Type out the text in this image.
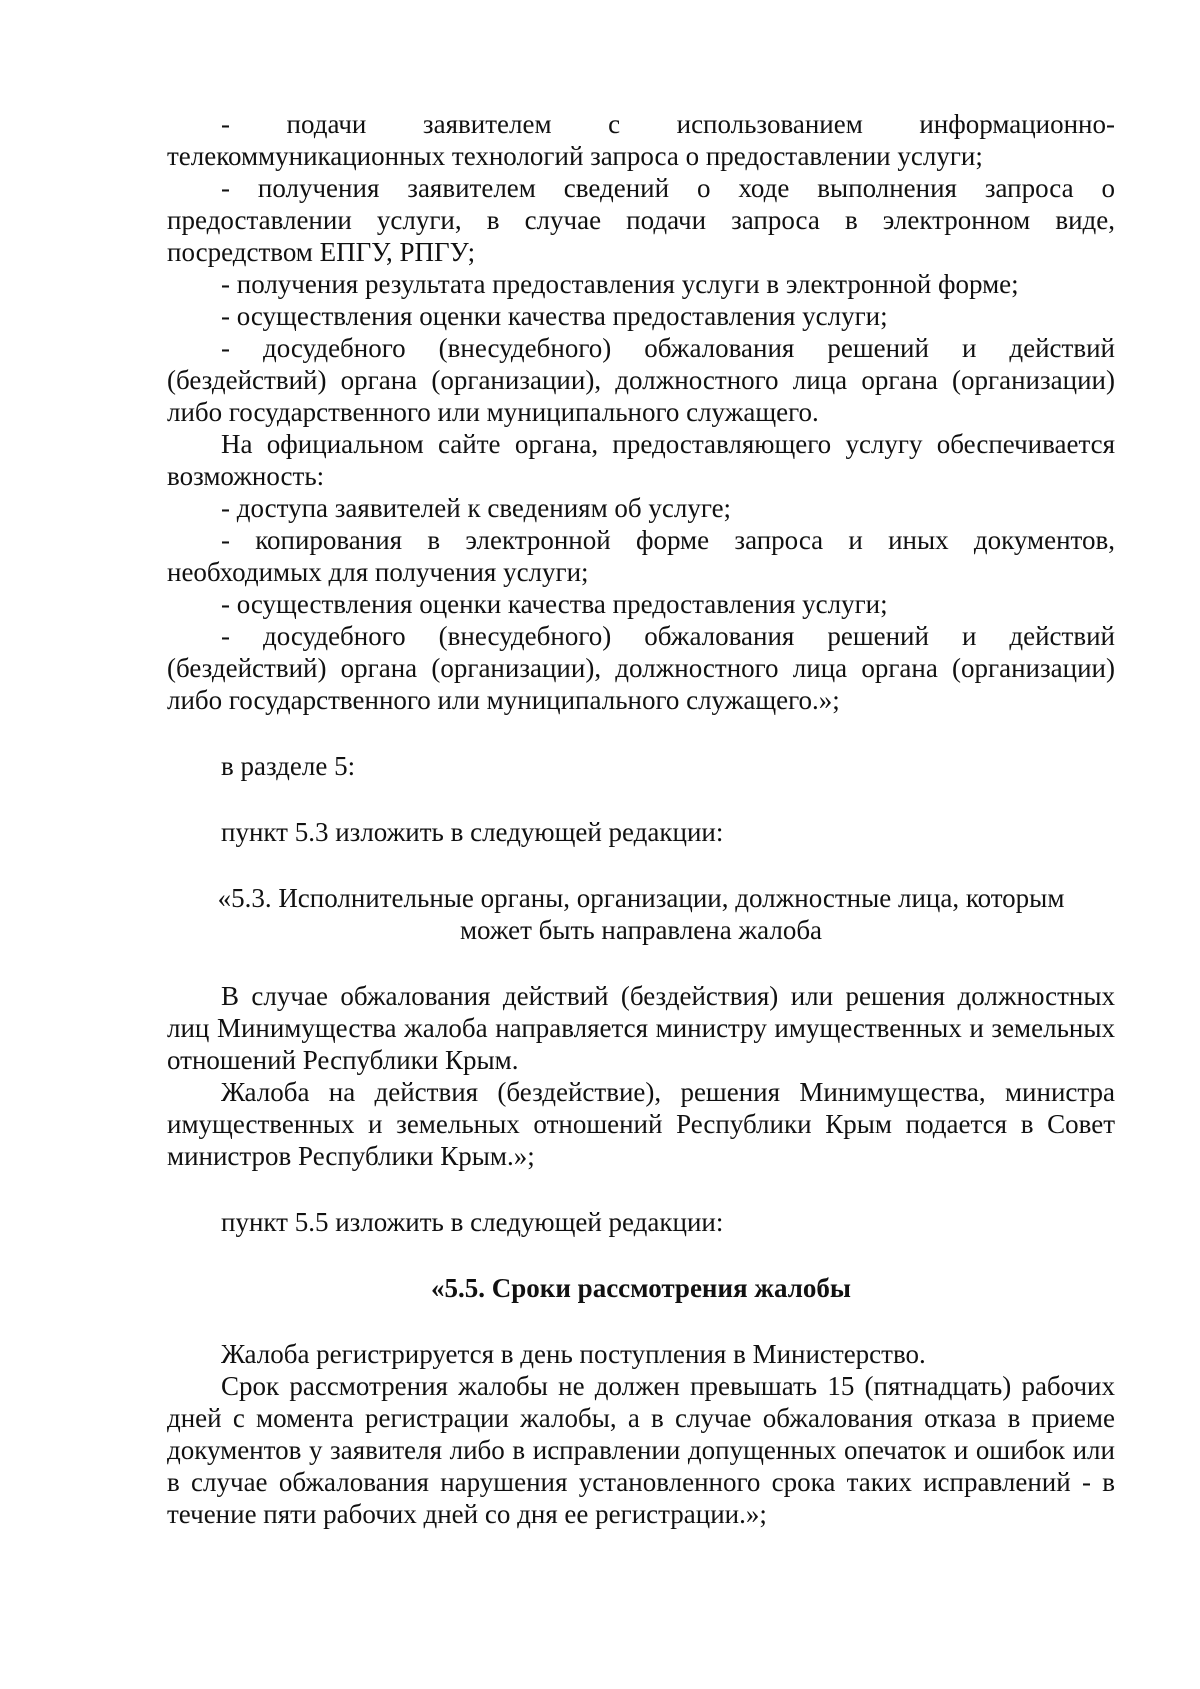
- подачи заявителем с использованием информационно-телекоммуникационных технологий запроса о предоставлении услуги;

- получения заявителем сведений о ходе выполнения запроса о предоставлении услуги, в случае подачи запроса в электронном виде, посредством ЕПГУ, РПГУ;

- получения результата предоставления услуги в электронной форме;

- осуществления оценки качества предоставления услуги;

- досудебного (внесудебного) обжалования решений и действий (бездействий) органа (организации), должностного лица органа (организации) либо государственного или муниципального служащего.

На официальном сайте органа, предоставляющего услугу обеспечивается возможность:

- доступа заявителей к сведениям об услуге;

- копирования в электронной форме запроса и иных документов, необходимых для получения услуги;

- осуществления оценки качества предоставления услуги;

- досудебного (внесудебного) обжалования решений и действий (бездействий) органа (организации), должностного лица органа (организации) либо государственного или муниципального служащего.»;

в разделе 5:

пункт 5.3 изложить в следующей редакции:

«5.3. Исполнительные органы, организации, должностные лица, которым

может быть направлена жалоба

В случае обжалования действий (бездействия) или решения должностных лиц Минимущества жалоба направляется министру имущественных и земельных отношений Республики Крым.

Жалоба на действия (бездействие), решения Минимущества, министра имущественных и земельных отношений Республики Крым подается в Совет министров Республики Крым.»;

пункт 5.5 изложить в следующей редакции:

«5.5. Сроки рассмотрения жалобы

Жалоба регистрируется в день поступления в Министерство.

Срок рассмотрения жалобы не должен превышать 15 (пятнадцать) рабочих дней с момента регистрации жалобы, а в случае обжалования отказа в приеме документов у заявителя либо в исправлении допущенных опечаток и ошибок или в случае обжалования нарушения установленного срока таких исправлений - в течение пяти рабочих дней со дня ее регистрации.»;
